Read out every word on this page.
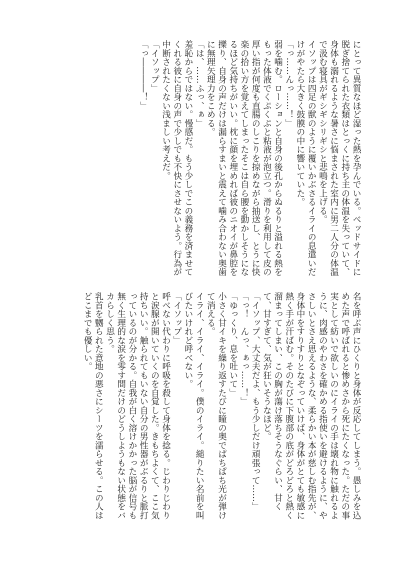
にとって異質なほど湿った熱を孕んでいる。ベッドサイドに脱ぎ捨てられた衣類はとっくに持ち主の体温を失っていて、身体も溺れるような暑さに悩まされた室内に男二人分の体温で汲む寝具がギシギシリギシと悲鳴を上げる。
イソップは四足の獣のように覆いかぶさるイライの息遣いだけがやたら大きく鼓膜の中に響いていた。
「っ……んっ……！」
弱を噛む。ローションと自身の後孔からぬるりと溢れる熱をもった体液でくぷくぷと粘液が泡立つ。滑りを利用して皮の厚い指が何度も直腸のしこりを掠めながら抽送し、とうに快楽の拾い方を覚えてしまったそこは自ら腰を動かしそうになるほど気持ちがいい。枕に顔を埋めれば彼のニオイが鼻腔を擽り、自身の声だけは漏らすまいと震えて噛み合わない奥歯に無理矢理力をこめる。
「は、……ふっ、ぁ」
羞恥からではない。慢感だ。もう少しでこの義務を済ませてくれる彼に自身の声で少しでも不快にさせないよう。行為が中断されたくない浅ましい考えだ。
「イソップ」
「っ――――！」
名を呼ぶ声にひくりと身体が反応してしまう。愚しみを込めた声で呼ばれると惨めさから死にたくなった。ただの事実として紡いで欲しいのにイライの手は壊れ物に触れるように、肉感のやわさを確かめる指使いを避けるように、やさしいとさえ思えるような、柔らかい本が慈しむ指先が、身体中をすりすりとなぞっていけば、身体がとても敏感に熱く手が汗ばむ。そのたびに下腹部の底がどろどろと熱く溜まってしまい、この胸が蕩け落ちそうなぐらい、甘くて、甘すぎて、気が狂いそうなほど。
「イソップ、大丈夫だよ、もう少しだけ頑張って……」
「っ！　んっ、ぁっ……！」
「ゆっくり、息を吐いて」
小さく甘イキを繰り返すたびに瞳の奥でぱちぱち光が弾けて消える。
イライ、イライ、イライ。僕のイライ。縋りたい名前を叫びたいけれど呼べない。
「イソップ」
呼べない代わりに呼吸を殺して身体を捻る。じわりじわりと涙腺が開いていくのを自覚した。きもちよくて、ここ気持ちいい。触られてもいない自分の男性器がぶるりと脈打っているのが分かる。自我が白く溶けかかった脳が信号も無く生理的な涙を零す間だけのどうしようもない状態をバカらしく思う。
乳首を嬲られた意地の悪さにシーツを濡らせる。この人はどこまでも優しい。
